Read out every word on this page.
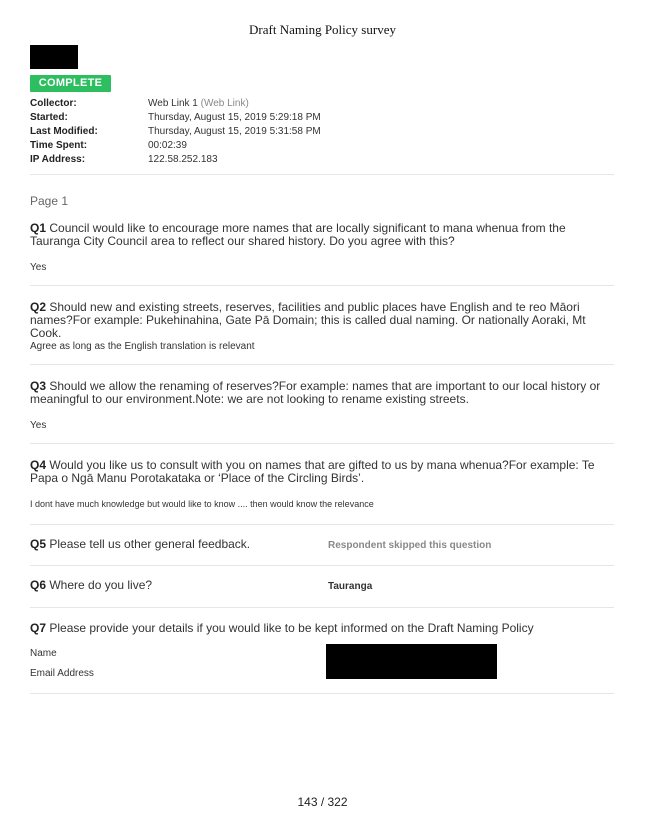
Draft Naming Policy survey
COMPLETE
Collector:	Web Link 1 (Web Link)
Started:	Thursday, August 15, 2019 5:29:18 PM
Last Modified:	Thursday, August 15, 2019 5:31:58 PM
Time Spent:	00:02:39
IP Address:	122.58.252.183
Page 1
Q1 Council would like to encourage more names that are locally significant to mana whenua from the Tauranga City Council area to reflect our shared history. Do you agree with this?
Yes
Q2 Should new and existing streets, reserves, facilities and public places have English and te reo Māori names?For example: Pukehinahina, Gate Pā Domain; this is called dual naming. Or nationally Aoraki, Mt Cook.
Agree as long as the English translation is relevant
Q3 Should we allow the renaming of reserves?For example: names that are important to our local history or meaningful to our environment.Note: we are not looking to rename existing streets.
Yes
Q4 Would you like us to consult with you on names that are gifted to us by mana whenua?For example: Te Papa o Ngā Manu Porotakataka or ‘Place of the Circling Birds’.
I dont have much knowledge but would like to know .... then would know the relevance
Q5 Please tell us other general feedback.	Respondent skipped this question
Q6 Where do you live?	Tauranga
Q7 Please provide your details if you would like to be kept informed on the Draft Naming Policy
Name
Email Address
143 / 322
